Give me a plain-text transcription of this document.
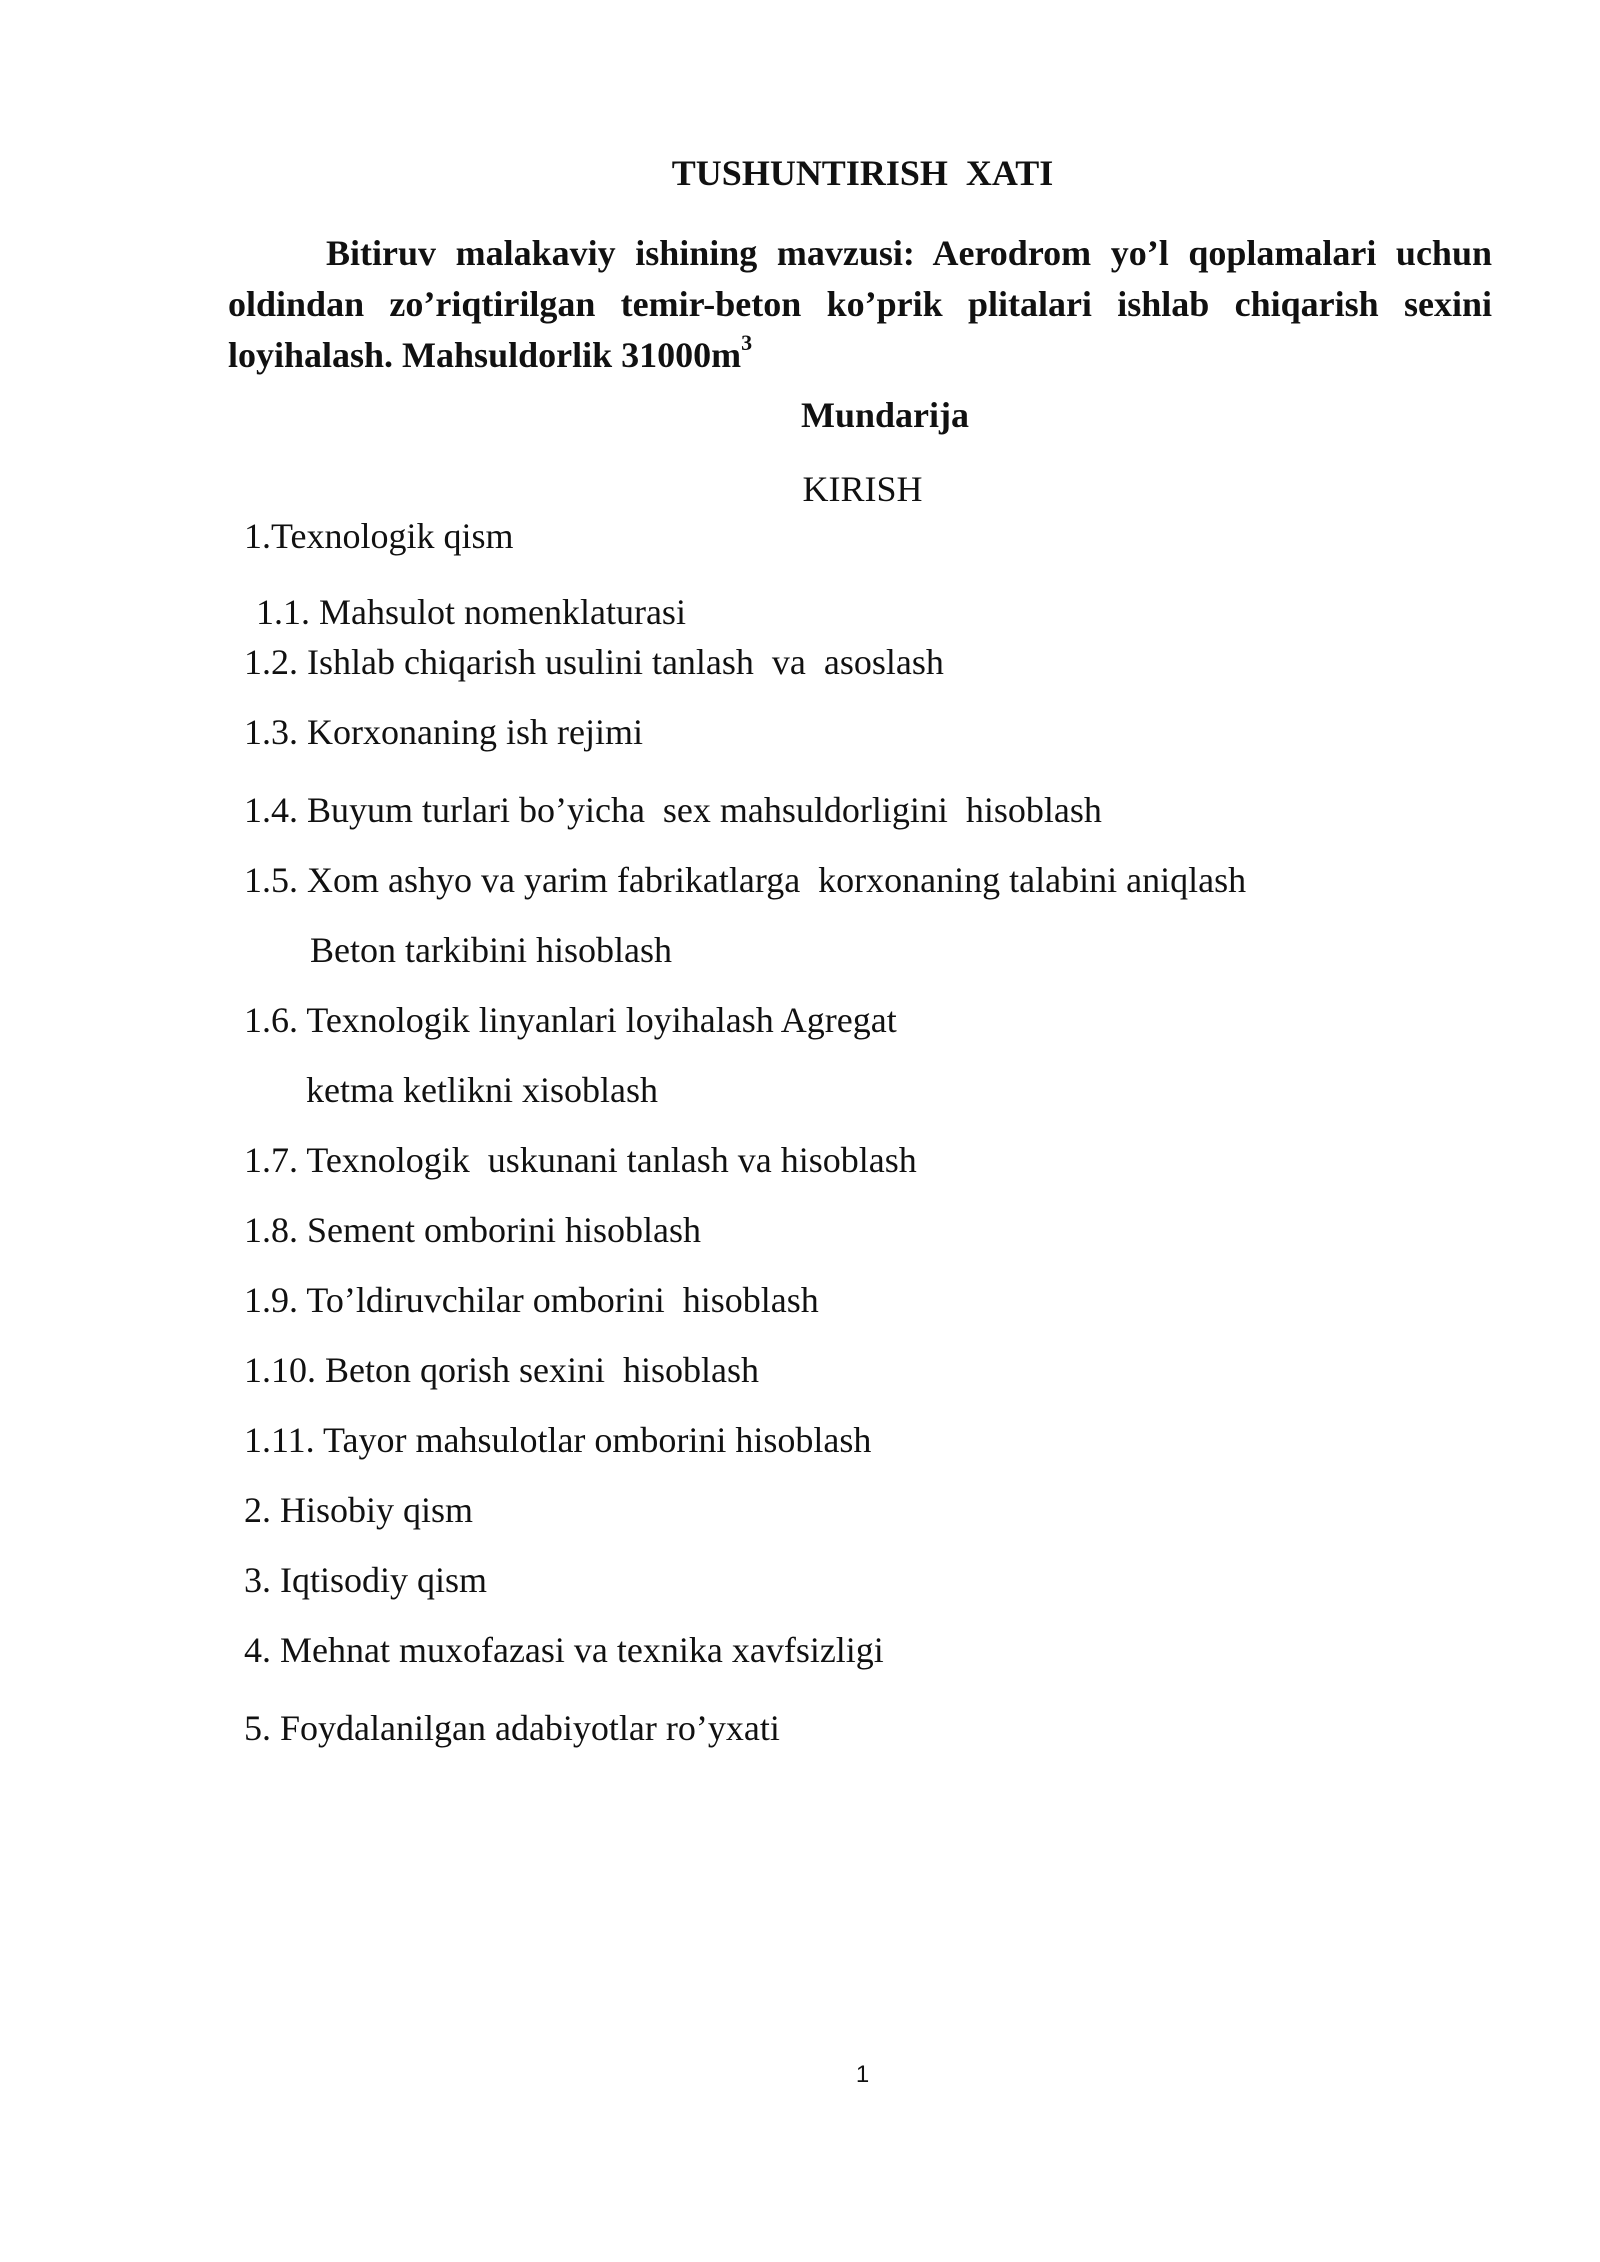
TUSHUNTIRISH  XATI
Bitiruv malakaviy ishining mavzusi: Aerodrom yo’l qoplamalari uchun oldindan zo’riqtirilgan temir-beton ko’prik plitalari ishlab chiqarish sexini loyihalash. Mahsuldorlik $31000m^3$
Mundarija
KIRISH
1.Texnologik qism
1.1. Mahsulot nomenklaturasi
1.2. Ishlab chiqarish usulini tanlash  va  asoslash
1.3. Korxonaning ish rejimi
1.4. Buyum turlari bo’yicha  sex mahsuldorligini  hisoblash
1.5. Xom ashyo va yarim fabrikatlarga  korxonaning talabini aniqlash
Beton tarkibini hisoblash
1.6. Texnologik linyanlari loyihalash Agregat
ketma ketlikni xisoblash
1.7. Texnologik  uskunani tanlash va hisoblash
1.8. Sement omborini hisoblash
1.9. To’ldiruvchilar omborini  hisoblash
1.10. Beton qorish sexini  hisoblash
1.11. Tayor mahsulotlar omborini hisoblash
2. Hisobiy qism
3. Iqtisodiy qism
4. Mehnat muxofazasi va texnika xavfsizligi
5. Foydalanilgan adabiyotlar ro’yxati
1
